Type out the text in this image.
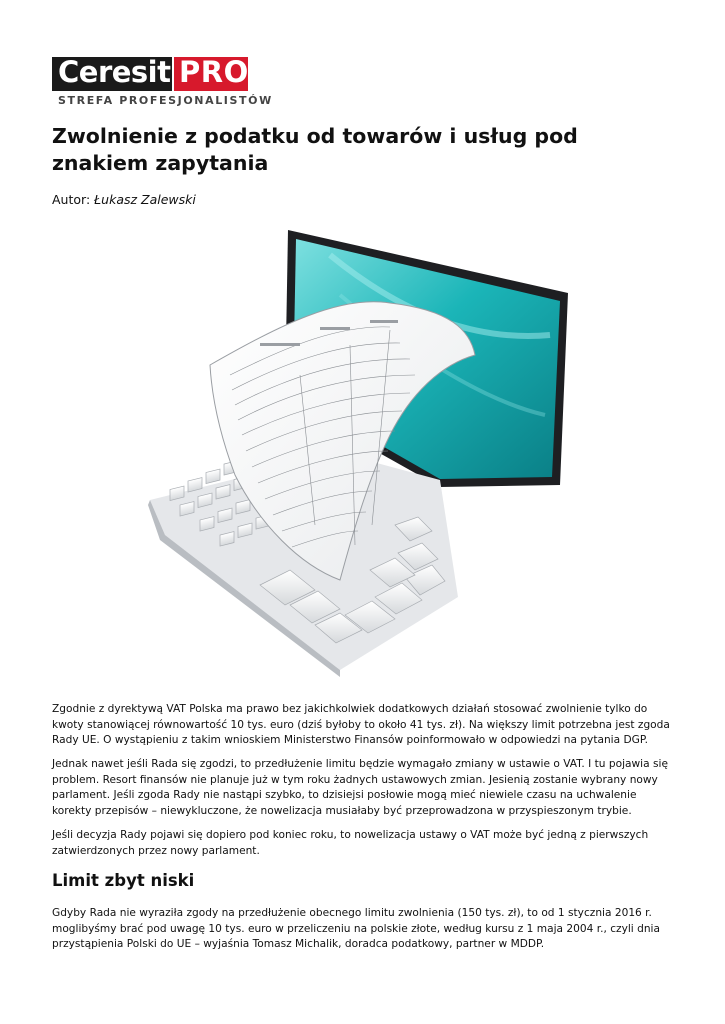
Ceresit PRO
STREFA PROFESJONALISTÓW
Zwolnienie z podatku od towarów i usług pod znakiem zapytania
Autor: Łukasz Zalewski

Zgodnie z dyrektywą VAT Polska ma prawo bez jakichkolwiek dodatkowych działań stosować zwolnienie tylko do kwoty stanowiącej równowartość 10 tys. euro (dziś byłoby to około 41 tys. zł). Na większy limit potrzebna jest zgoda Rady UE. O wystąpieniu z takim wnioskiem Ministerstwo Finansów poinformowało w odpowiedzi na pytania DGP.

Jednak nawet jeśli Rada się zgodzi, to przedłużenie limitu będzie wymagało zmiany w ustawie o VAT. I tu pojawia się problem. Resort finansów nie planuje już w tym roku żadnych ustawowych zmian. Jesienią zostanie wybrany nowy parlament. Jeśli zgoda Rady nie nastąpi szybko, to dzisiejsi posłowie mogą mieć niewiele czasu na uchwalenie korekty przepisów – niewykluczone, że nowelizacja musiałaby być przeprowadzona w przyspieszonym trybie.

Jeśli decyzja Rady pojawi się dopiero pod koniec roku, to nowelizacja ustawy o VAT może być jedną z pierwszych zatwierdzonych przez nowy parlament.

Limit zbyt niski

Gdyby Rada nie wyraziła zgody na przedłużenie obecnego limitu zwolnienia (150 tys. zł), to od 1 stycznia 2016 r. moglibyśmy brać pod uwagę 10 tys. euro w przeliczeniu na polskie złote, według kursu z 1 maja 2004 r., czyli dnia przystąpienia Polski do UE – wyjaśnia Tomasz Michalik, doradca podatkowy, partner w MDDP.
